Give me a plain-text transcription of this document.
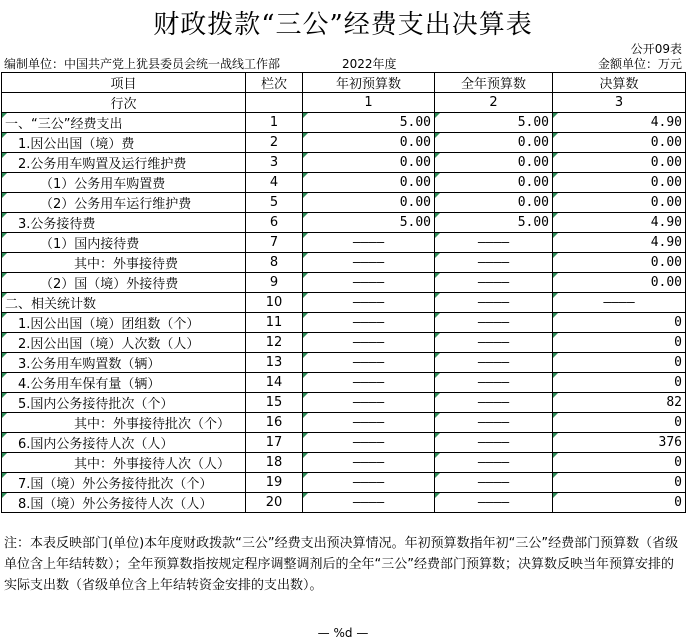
财政拨款“三公”经费支出决算表
公开09表
编制单位：中国共产党上犹县委员会统一战线工作部	2022年度	金额单位：万元
项目	栏次	年初预算数	全年预算数	决算数
行次		1	2	3
一、“三公”经费支出	1	5.00	5.00	4.90
1.因公出国（境）费	2	0.00	0.00	0.00
2.公务用车购置及运行维护费	3	0.00	0.00	0.00
（1）公务用车购置费	4	0.00	0.00	0.00
（2）公务用车运行维护费	5	0.00	0.00	0.00
3.公务接待费	6	5.00	5.00	4.90
（1）国内接待费	7	————	————	4.90
其中：外事接待费	8	————	————	0.00
（2）国（境）外接待费	9	————	————	0.00
二、相关统计数	10	————	————	————
1.因公出国（境）团组数（个）	11	————	————	0
2.因公出国（境）人次数（人）	12	————	————	0
3.公务用车购置数（辆）	13	————	————	0
4.公务用车保有量（辆）	14	————	————	0
5.国内公务接待批次（个）	15	————	————	82
其中：外事接待批次（个）	16	————	————	0
6.国内公务接待人次（人）	17	————	————	376
其中：外事接待人次（人）	18	————	————	0
7.国（境）外公务接待批次（个）	19	————	————	0
8.国（境）外公务接待人次（人）	20	————	————	0
注：本表反映部门(单位)本年度财政拨款“三公”经费支出预决算情况。年初预算数指年初“三公”经费部门预算数（省级单位含上年结转数）；全年预算数指按规定程序调整调剂后的全年“三公”经费部门预算数；决算数反映当年预算安排的实际支出数（省级单位含上年结转资金安排的支出数）。
— %d —
